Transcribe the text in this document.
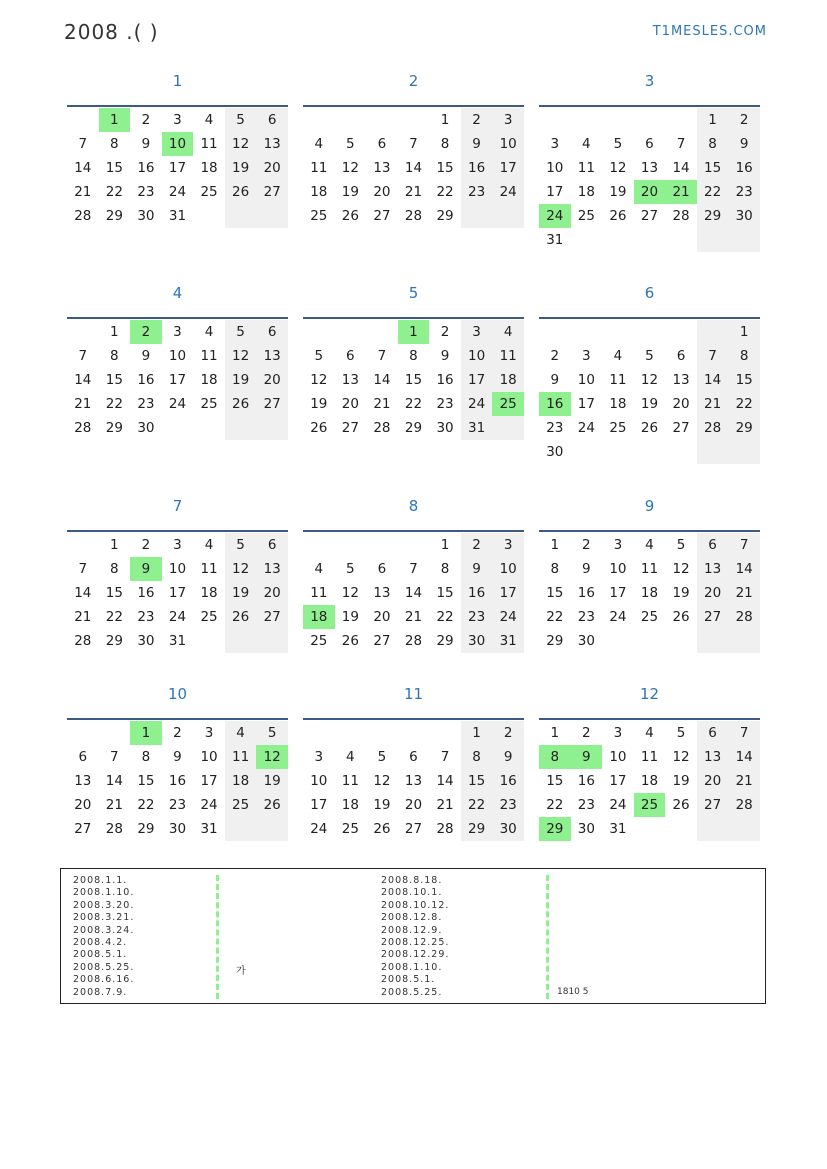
2008 .( )	T1MESLES.COM
1
	1	2	3	4	5	6
7	8	9	10	11	12	13
14	15	16	17	18	19	20
21	22	23	24	25	26	27
28	29	30	31			
2
				1	2	3
4	5	6	7	8	9	10
11	12	13	14	15	16	17
18	19	20	21	22	23	24
25	26	27	28	29		
3
					1	2
3	4	5	6	7	8	9
10	11	12	13	14	15	16
17	18	19	20	21	22	23
24	25	26	27	28	29	30
31						
4
	1	2	3	4	5	6
7	8	9	10	11	12	13
14	15	16	17	18	19	20
21	22	23	24	25	26	27
28	29	30				
5
			1	2	3	4
5	6	7	8	9	10	11
12	13	14	15	16	17	18
19	20	21	22	23	24	25
26	27	28	29	30	31	
6
						1
2	3	4	5	6	7	8
9	10	11	12	13	14	15
16	17	18	19	20	21	22
23	24	25	26	27	28	29
30						
7
	1	2	3	4	5	6
7	8	9	10	11	12	13
14	15	16	17	18	19	20
21	22	23	24	25	26	27
28	29	30	31			
8
				1	2	3
4	5	6	7	8	9	10
11	12	13	14	15	16	17
18	19	20	21	22	23	24
25	26	27	28	29	30	31
9
1	2	3	4	5	6	7
8	9	10	11	12	13	14
15	16	17	18	19	20	21
22	23	24	25	26	27	28
29	30					
10
		1	2	3	4	5
6	7	8	9	10	11	12
13	14	15	16	17	18	19
20	21	22	23	24	25	26
27	28	29	30	31		
11
					1	2
3	4	5	6	7	8	9
10	11	12	13	14	15	16
17	18	19	20	21	22	23
24	25	26	27	28	29	30
12
1	2	3	4	5	6	7
8	9	10	11	12	13	14
15	16	17	18	19	20	21
22	23	24	25	26	27	28
29	30	31				
2008.1.1.
2008.1.10.
2008.3.20.
2008.3.21.
2008.3.24.
2008.4.2.
2008.5.1.
2008.5.25.
2008.6.16.
2008.7.9.
가
2008.8.18.
2008.10.1.
2008.10.12.
2008.12.8.
2008.12.9.
2008.12.25.
2008.12.29.
2008.1.10.
2008.5.1.
2008.5.25.	1810 5
